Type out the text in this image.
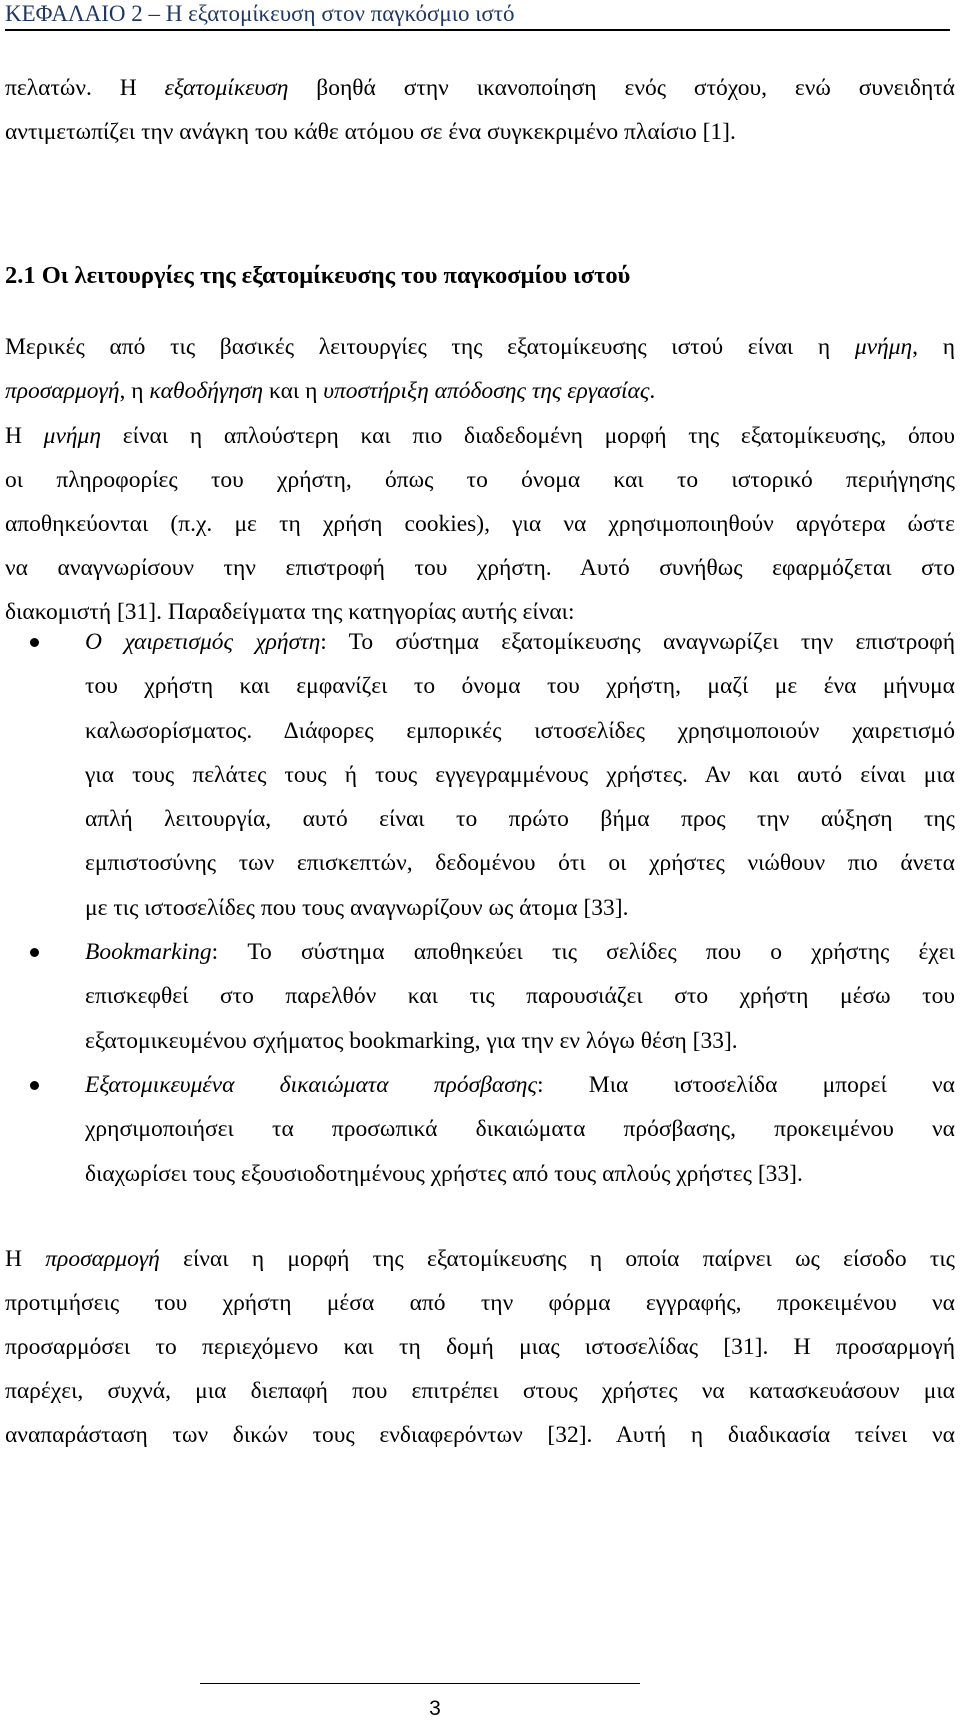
ΚΕΦΑΛΑΙΟ 2 – Η εξατομίκευση στον παγκόσμιο ιστό
πελατών. Η εξατομίκευση βοηθά στην ικανοποίηση ενός στόχου, ενώ συνειδητά
αντιμετωπίζει την ανάγκη του κάθε ατόμου σε ένα συγκεκριμένο πλαίσιο [1].
2.1 Οι λειτουργίες της εξατομίκευσης του παγκοσμίου ιστού
Μερικές από τις βασικές λειτουργίες της εξατομίκευσης ιστού είναι η μνήμη, η
προσαρμογή, η καθοδήγηση και η υποστήριξη απόδοσης της εργασίας.
Η μνήμη είναι η απλούστερη και πιο διαδεδομένη μορφή της εξατομίκευσης, όπου
οι πληροφορίες του χρήστη, όπως το όνομα και το ιστορικό περιήγησης
αποθηκεύονται (π.χ. με τη χρήση cookies), για να χρησιμοποιηθούν αργότερα ώστε
να αναγνωρίσουν την επιστροφή του χρήστη. Αυτό συνήθως εφαρμόζεται στο
διακομιστή [31]. Παραδείγματα της κατηγορίας αυτής είναι:
Ο χαιρετισμός χρήστη: Το σύστημα εξατομίκευσης αναγνωρίζει την επιστροφή
του χρήστη και εμφανίζει το όνομα του χρήστη, μαζί με ένα μήνυμα
καλωσορίσματος. Διάφορες εμπορικές ιστοσελίδες χρησιμοποιούν χαιρετισμό
για τους πελάτες τους ή τους εγγεγραμμένους χρήστες. Αν και αυτό είναι μια
απλή λειτουργία, αυτό είναι το πρώτο βήμα προς την αύξηση της
εμπιστοσύνης των επισκεπτών, δεδομένου ότι οι χρήστες νιώθουν πιο άνετα
με τις ιστοσελίδες που τους αναγνωρίζουν ως άτομα [33].
Bookmarking: Το σύστημα αποθηκεύει τις σελίδες που ο χρήστης έχει
επισκεφθεί στο παρελθόν και τις παρουσιάζει στο χρήστη μέσω του
εξατομικευμένου σχήματος bookmarking, για την εν λόγω θέση [33].
Εξατομικευμένα δικαιώματα πρόσβασης: Μια ιστοσελίδα μπορεί να
χρησιμοποιήσει τα προσωπικά δικαιώματα πρόσβασης, προκειμένου να
διαχωρίσει τους εξουσιοδοτημένους χρήστες από τους απλούς χρήστες [33].
Η προσαρμογή είναι η μορφή της εξατομίκευσης η οποία παίρνει ως είσοδο τις
προτιμήσεις του χρήστη μέσα από την φόρμα εγγραφής, προκειμένου να
προσαρμόσει το περιεχόμενο και τη δομή μιας ιστοσελίδας [31]. Η προσαρμογή
παρέχει, συχνά, μια διεπαφή που επιτρέπει στους χρήστες να κατασκευάσουν μια
αναπαράσταση των δικών τους ενδιαφερόντων [32]. Αυτή η διαδικασία τείνει να
3
